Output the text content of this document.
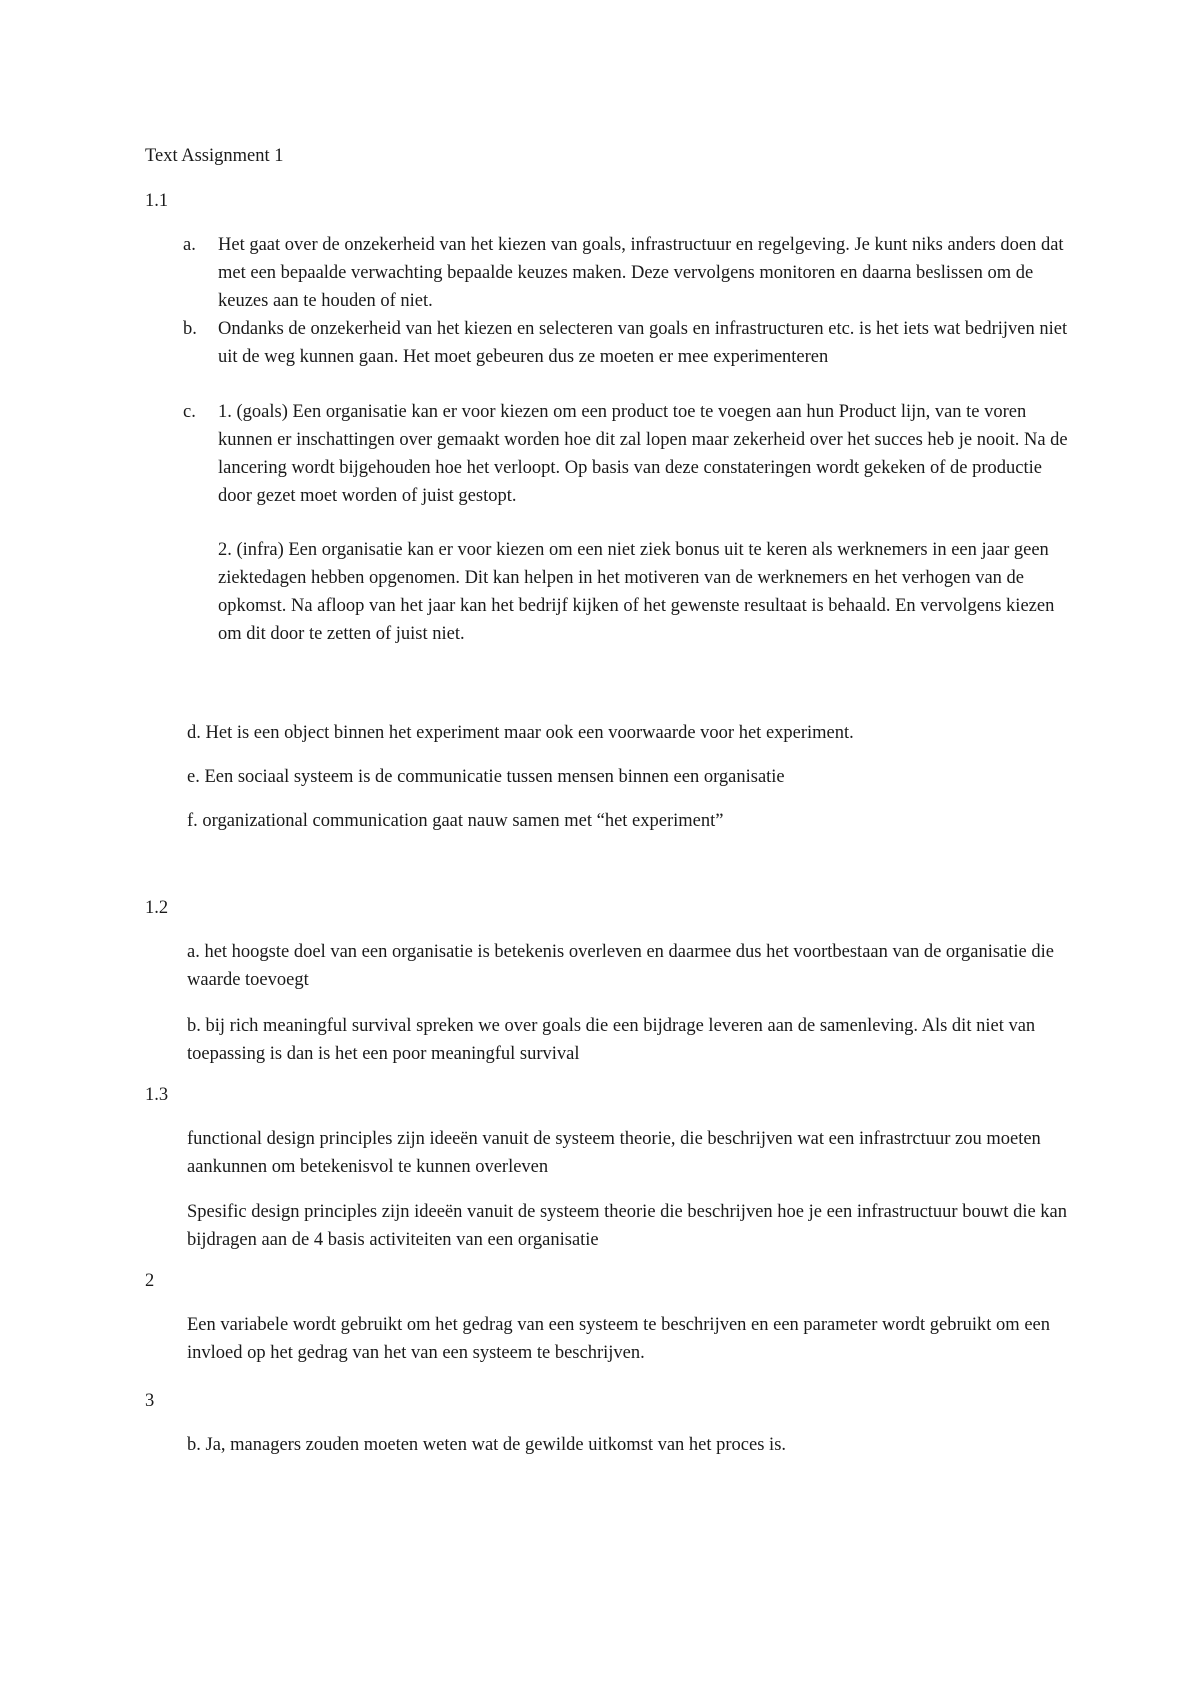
Text Assignment 1

1.1

a. Het gaat over de onzekerheid van het kiezen van goals, infrastructuur en regelgeving. Je kunt niks anders doen dat met een bepaalde verwachting bepaalde keuzes maken. Deze vervolgens monitoren en daarna beslissen om de keuzes aan te houden of niet.

b. Ondanks de onzekerheid van het kiezen en selecteren van goals en infrastructuren etc. is het iets wat bedrijven niet uit de weg kunnen gaan. Het moet gebeuren dus ze moeten er mee experimenteren

c. 1. (goals) Een organisatie kan er voor kiezen om een product toe te voegen aan hun Product lijn, van te voren kunnen er inschattingen over gemaakt worden hoe dit zal lopen maar zekerheid over het succes heb je nooit. Na de lancering wordt bijgehouden hoe het verloopt. Op basis van deze constateringen wordt gekeken of de productie door gezet moet worden of juist gestopt.

2. (infra) Een organisatie kan er voor kiezen om een niet ziek bonus uit te keren als werknemers in een jaar geen ziektedagen hebben opgenomen. Dit kan helpen in het motiveren van de werknemers en het verhogen van de opkomst. Na afloop van het jaar kan het bedrijf kijken of het gewenste resultaat is behaald. En vervolgens kiezen om dit door te zetten of juist niet.

d. Het is een object binnen het experiment maar ook een voorwaarde voor het experiment.

e. Een sociaal systeem is de communicatie tussen mensen binnen een organisatie

f. organizational communication gaat nauw samen met “het experiment”

1.2

a. het hoogste doel van een organisatie is betekenis overleven en daarmee dus het voortbestaan van de organisatie die waarde toevoegt

b. bij rich meaningful survival spreken we over goals die een bijdrage leveren aan de samenleving. Als dit niet van toepassing is dan is het een poor meaningful survival

1.3

functional design principles zijn ideeën vanuit de systeem theorie, die beschrijven wat een infrastrctuur zou moeten aankunnen om betekenisvol te kunnen overleven

Spesific design principles zijn ideeën vanuit de systeem theorie die beschrijven hoe je een infrastructuur bouwt die kan bijdragen aan de 4 basis activiteiten van een organisatie

2

Een variabele wordt gebruikt om het gedrag van een systeem te beschrijven en een parameter wordt gebruikt om een invloed op het gedrag van het van een systeem te beschrijven.

3

b. Ja, managers zouden moeten weten wat de gewilde uitkomst van het proces is.
